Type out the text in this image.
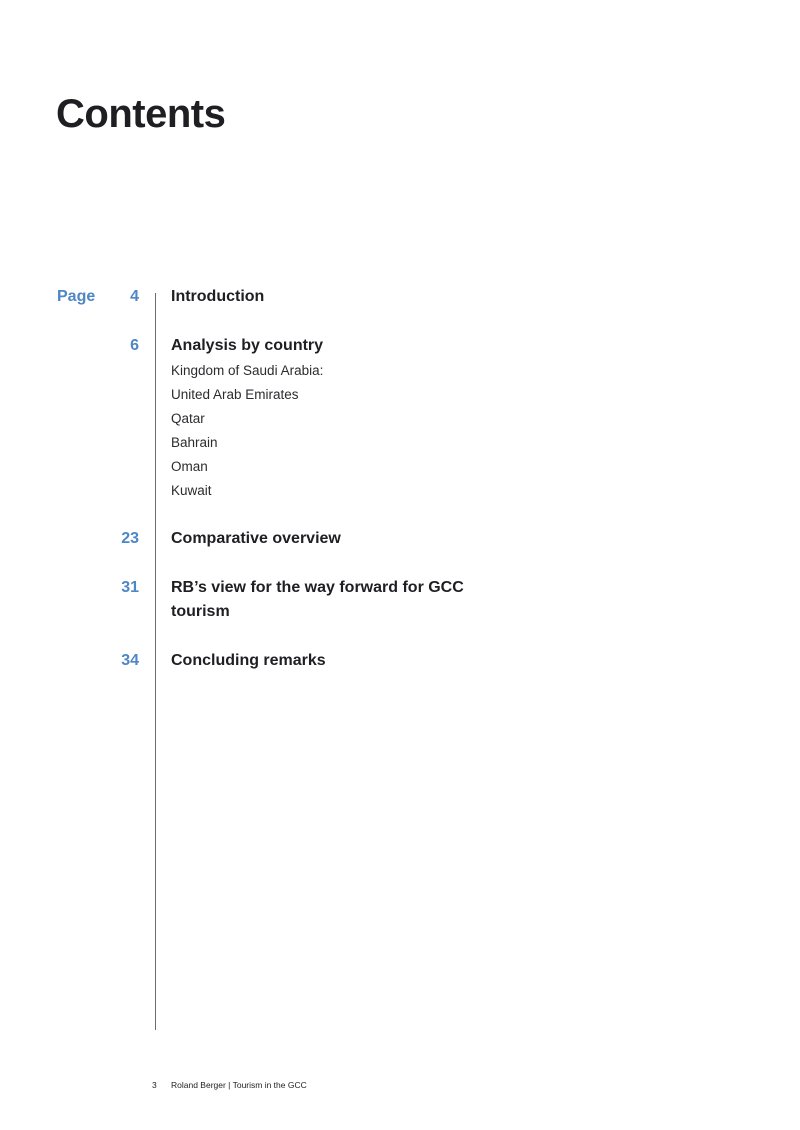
Contents
Page 4 Introduction
6 Analysis by country
Kingdom of Saudi Arabia:
United Arab Emirates
Qatar
Bahrain
Oman
Kuwait
23 Comparative overview
31 RB’s view for the way forward for GCC tourism
34 Concluding remarks
3 Roland Berger | Tourism in the GCC
